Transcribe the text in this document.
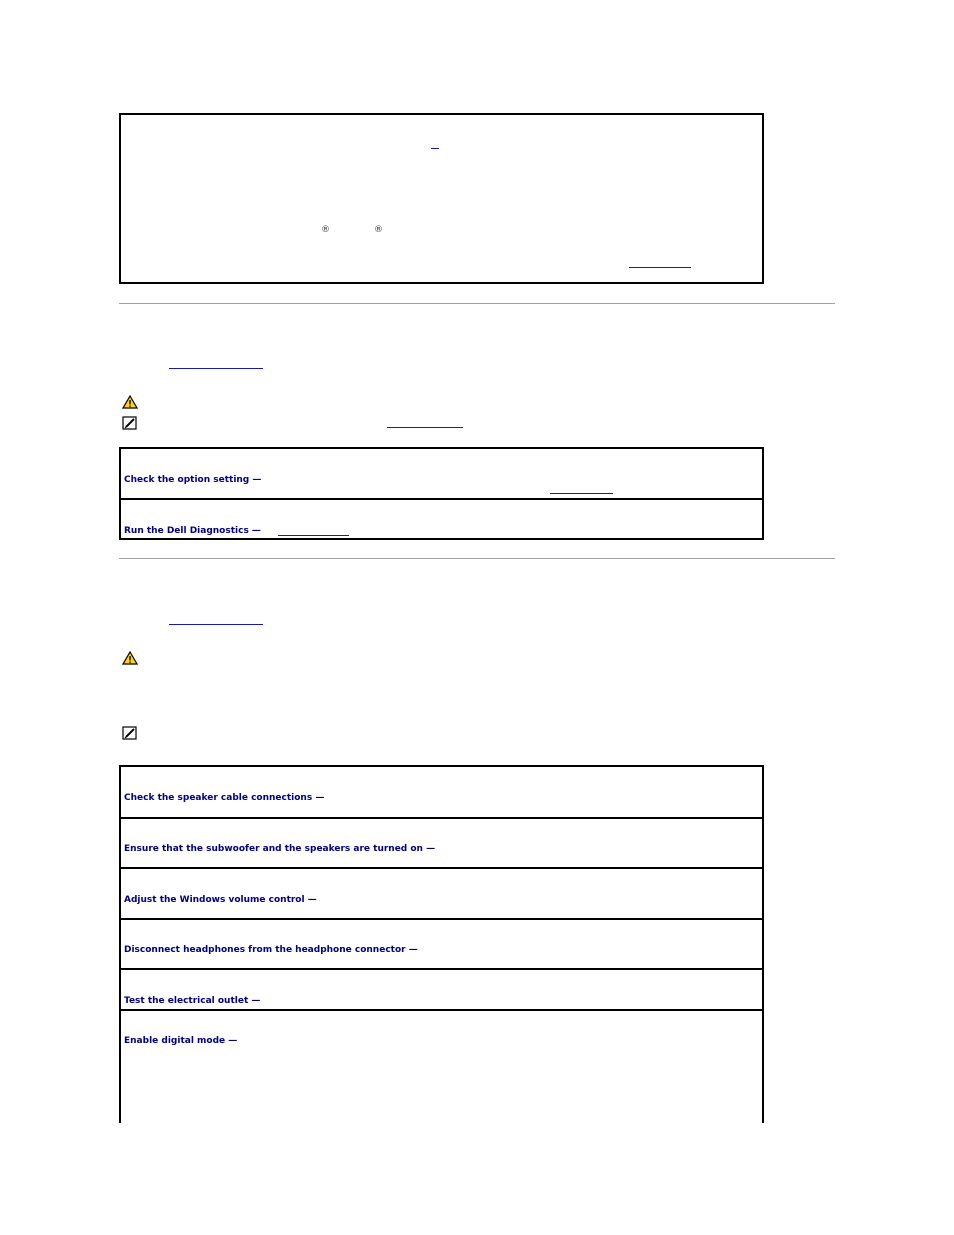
®	®
Check the option setting —
Run the Dell Diagnostics —
Check the speaker cable connections —
Ensure that the subwoofer and the speakers are turned on —
Adjust the Windows volume control —
Disconnect headphones from the headphone connector —
Test the electrical outlet —
Enable digital mode —
